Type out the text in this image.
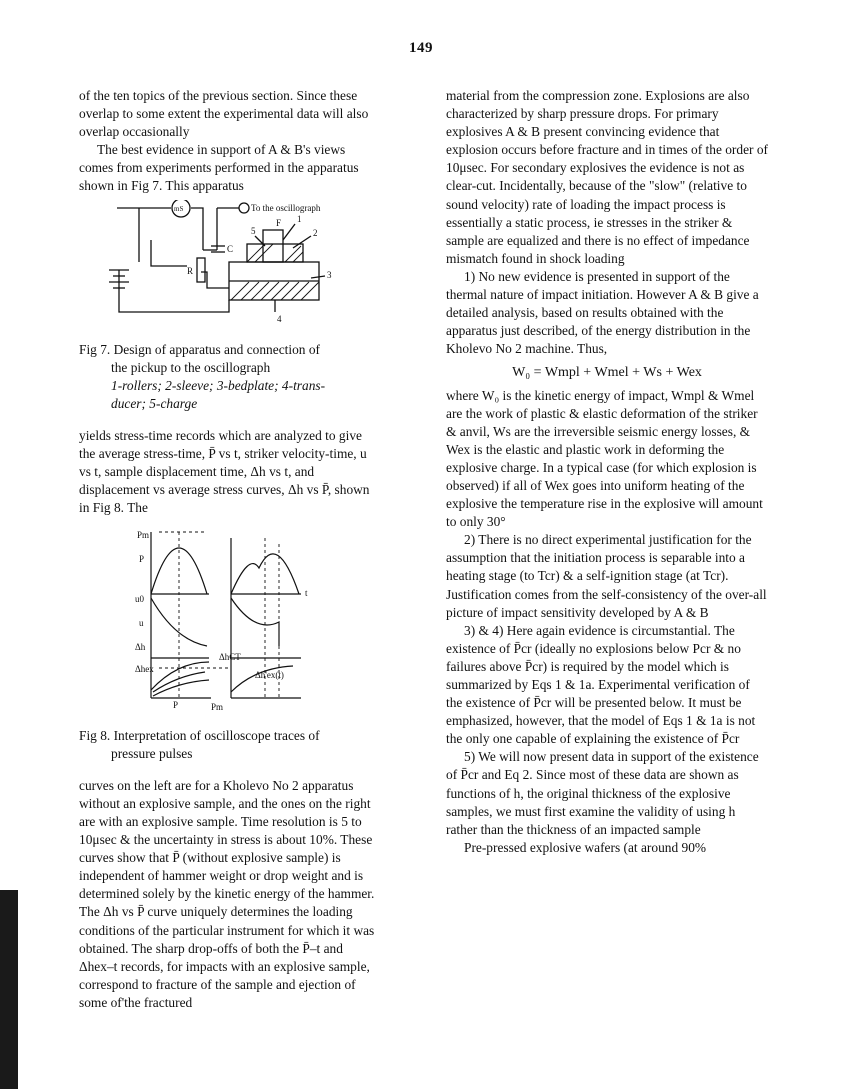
149

of the ten topics of the previous section. Since these overlap to some extent the experimental data will also overlap occasionally

The best evidence in support of A & B's views comes from experiments performed in the apparatus shown in Fig 7. This apparatus

To the oscillograph
mS
C
R
5
F 1
2
3
4
Fig 7. Design of apparatus and connection of
the pickup to the oscillograph
1-rollers; 2-sleeve; 3-bedplate; 4-trans-
ducer; 5-charge

yields stress-time records which are analyzed to give the average stress-time, P̄ vs t, striker velocity-time, u vs t, sample displacement time, Δh vs t, and displacement vs average stress curves, Δh vs P̄, shown in Fig 8. The

Pm
P
u0
u
t
Δh
ΔhCT
Δhex
Δh'ex(t)
P	Pm
Fig 8. Interpretation of oscilloscope traces of
pressure pulses

curves on the left are for a Kholevo No 2 apparatus without an explosive sample, and the ones on the right are with an explosive sample. Time resolution is 5 to 10μsec & the uncertainty in stress is about 10%. These curves show that P̄ (without explosive sample) is independent of hammer weight or drop weight and is determined solely by the kinetic energy of the hammer. The Δh vs P̄ curve uniquely determines the loading conditions of the particular instrument for which it was obtained. The sharp drop-offs of both the P̄–t and Δhex–t records, for impacts with an explosive sample, correspond to fracture of the sample and ejection of some of'the fractured

material from the compression zone. Explosions are also characterized by sharp pressure drops. For primary explosives A & B present convincing evidence that explosion occurs before fracture and in times of the order of 10μsec. For secondary explosives the evidence is not as clear-cut. Incidentally, because of the "slow" (relative to sound velocity) rate of loading the impact process is essentially a static process, ie stresses in the striker & sample are equalized and there is no effect of impedance mismatch found in shock loading

1) No new evidence is presented in support of the thermal nature of impact initiation. However A & B give a detailed analysis, based on results obtained with the apparatus just described, of the energy distribution in the Kholevo No 2 machine. Thus,

W₀ = Wmpl + Wmel + Ws + Wex

where W₀ is the kinetic energy of impact, Wmpl & Wmel are the work of plastic & elastic deformation of the striker & anvil, Ws are the irreversible seismic energy losses, & Wex is the elastic and plastic work in deforming the explosive charge. In a typical case (for which explosion is observed) if all of Wex goes into uniform heating of the explosive the temperature rise in the explosive will amount to only 30°

2) There is no direct experimental justification for the assumption that the initiation process is separable into a heating stage (to Tcr) & a self-ignition stage (at Tcr). Justification comes from the self-consistency of the over-all picture of impact sensitivity developed by A & B

3) & 4) Here again evidence is circumstantial. The existence of P̄cr (ideally no explosions below Pcr & no failures above P̄cr) is required by the model which is summarized by Eqs 1 & 1a. Experimental verification of the existence of P̄cr will be presented below. It must be emphasized, however, that the model of Eqs 1 & 1a is not the only one capable of explaining the existence of P̄cr

5) We will now present data in support of the existence of P̄cr and Eq 2. Since most of these data are shown as functions of h, the original thickness of the explosive samples, we must first examine the validity of using h rather than the thickness of an impacted sample

Pre-pressed explosive wafers (at around 90%
